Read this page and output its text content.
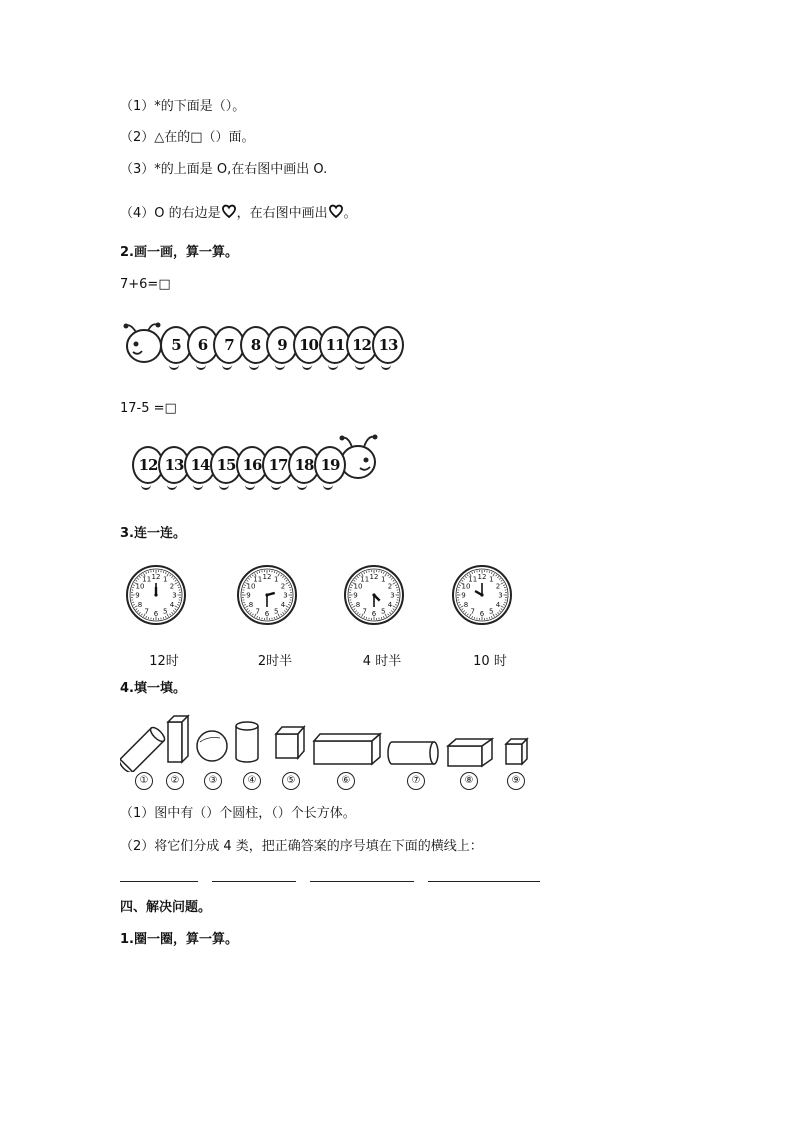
（1）*的下面是（）。
（2）△在的□（）面。
（3）*的上面是 O,在右图中画出 O.
（4）O 的右边是 ，在右图中画出 。
2.画一画，算一算。
7+6=□
5	6	7	8	9 10 11 12 13
17-5 =□
12 13 14 15 16 17 18 19
3.连一连。
1
2
3
4
5
6
7
8
9
10
11 12	1
2
3
4
5
6
7
8
9
10
11 12	1
2
3
4
5
6
7
8
9
10
11 12	1
2
3
4
5
6
7
8
9
10
11 12
12时	2时半	4 时半	10 时
4.填一填。
①	②	③	④	⑤	⑥	⑦	⑧	⑨
（1）图中有（）个圆柱，（）个长方体。
（2）将它们分成 4 类，把正确答案的序号填在下面的横线上：
四、解决问题。
1.圈一圈，算一算。
